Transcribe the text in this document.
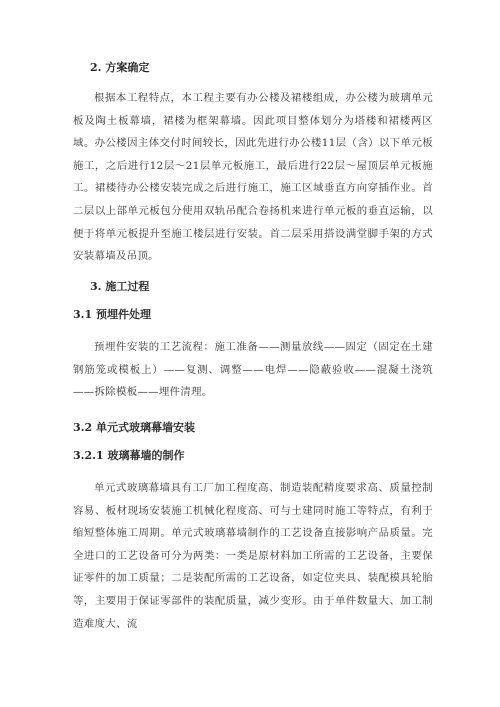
2. 方案确定
根据本工程特点，本工程主要有办公楼及裙楼组成，办公楼为玻璃单元板及陶土板幕墙，裙楼为框架幕墙。因此项目整体划分为塔楼和裙楼两区域。办公楼因主体交付时间较长，因此先进行办公楼11层（含）以下单元板施工，之后进行12层～21层单元板施工，最后进行22层～屋顶层单元板施工。裙楼待办公楼安装完成之后进行施工，施工区域垂直方向穿插作业。首二层以上部单元板包分使用双轨吊配合卷扬机来进行单元板的垂直运输，以便于将单元板提升至施工楼层进行安装。首二层采用搭设满堂脚手架的方式安装幕墙及吊顶。
3. 施工过程
3.1 预埋件处理
预埋件安装的工艺流程：施工准备——测量放线——固定（固定在土建钢筋笼或模板上）——复测、调整——电焊——隐蔽验收——混凝土浇筑——拆除模板——埋件清理。
3.2 单元式玻璃幕墙安装
3.2.1 玻璃幕墙的制作
单元式玻璃幕墙具有工厂加工程度高、制造装配精度要求高、质量控制容易、板材现场安装施工机械化程度高、可与土建同时施工等特点，有利于缩短整体施工周期。单元式玻璃幕墙制作的工艺设备直接影响产品质量。完全进口的工艺设备可分为两类：一类是原材料加工所需的工艺设备，主要保证零件的加工质量；二是装配所需的工艺设备，如定位夹具、装配模具轮胎等，主要用于保证零部件的装配质量，减少变形。由于单件数量大、加工制造难度大、流
